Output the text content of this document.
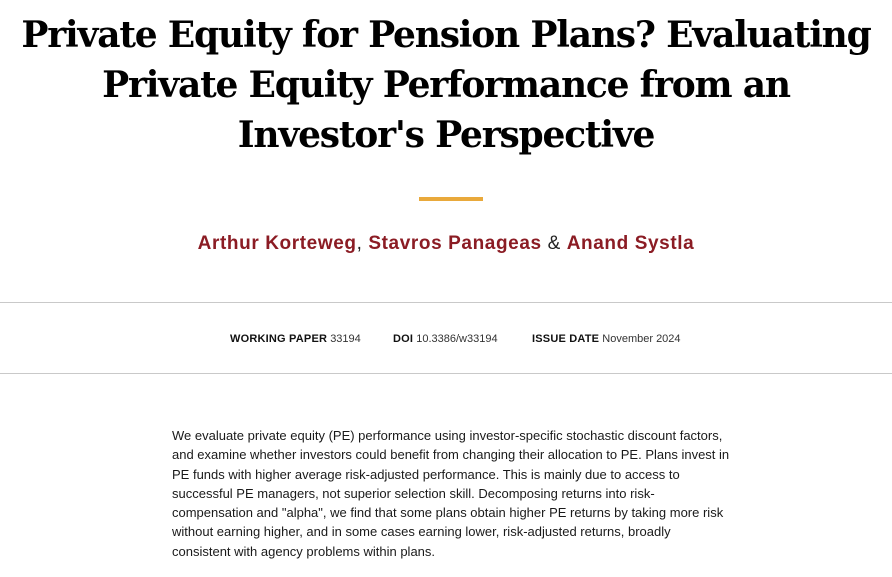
Private Equity for Pension Plans? Evaluating Private Equity Performance from an Investor's Perspective
Arthur Korteweg, Stavros Panageas & Anand Systla
WORKING PAPER 33194	DOI 10.3386/w33194	ISSUE DATE November 2024

We evaluate private equity (PE) performance using investor-specific stochastic discount factors, and examine whether investors could benefit from changing their allocation to PE. Plans invest in PE funds with higher average risk-adjusted performance. This is mainly due to access to successful PE managers, not superior selection skill. Decomposing returns into risk-compensation and "alpha", we find that some plans obtain higher PE returns by taking more risk without earning higher, and in some cases earning lower, risk-adjusted returns, broadly consistent with agency problems within plans.
